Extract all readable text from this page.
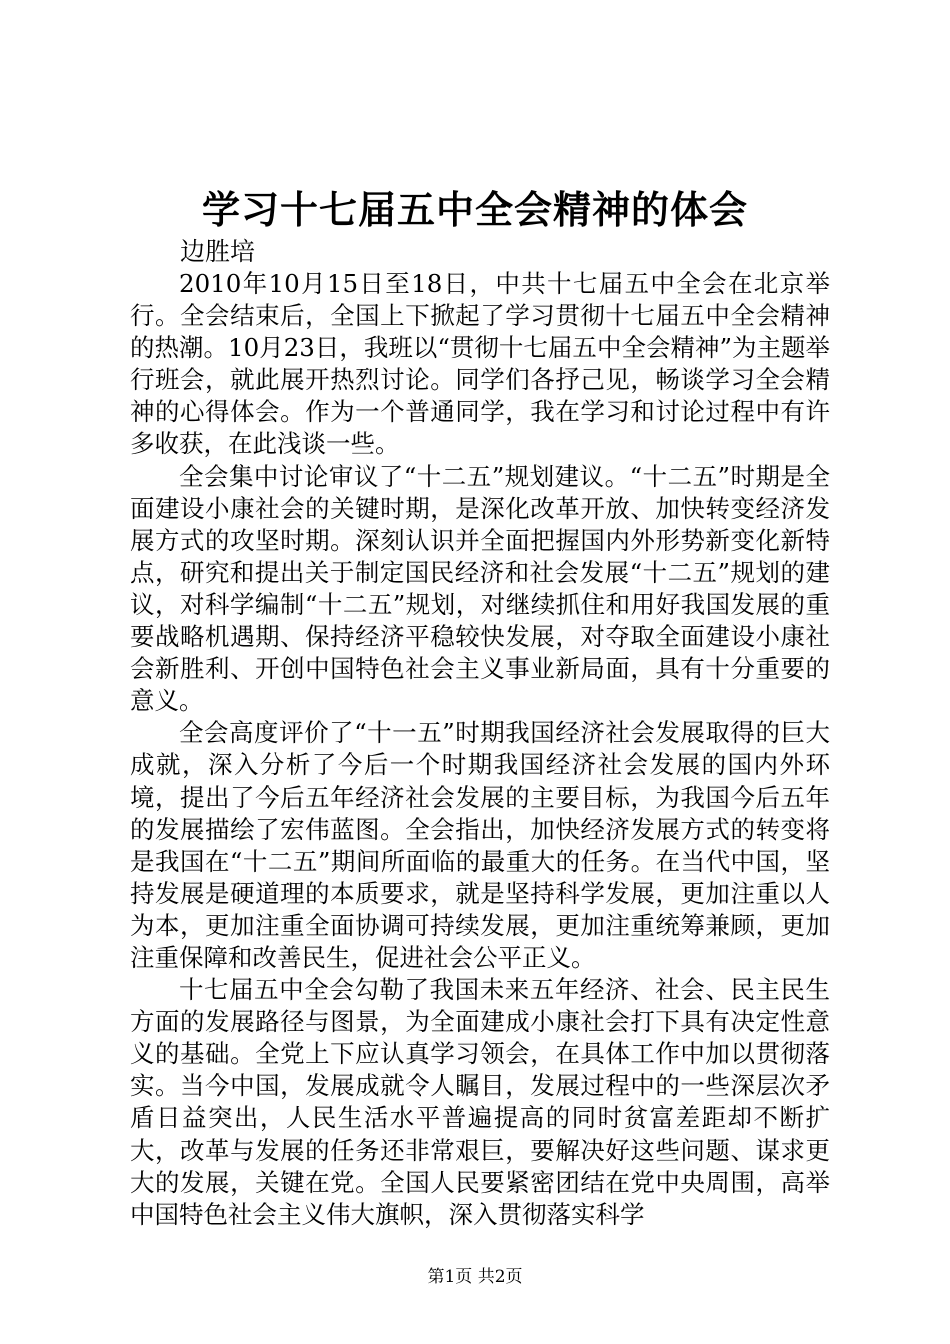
学习十七届五中全会精神的体会
边胜培

2010年10月15日至18日，中共十七届五中全会在北京举行。全会结束后，全国上下掀起了学习贯彻十七届五中全会精神的热潮。10月23日，我班以“贯彻十七届五中全会精神”为主题举行班会，就此展开热烈讨论。同学们各抒己见，畅谈学习全会精神的心得体会。作为一个普通同学，我在学习和讨论过程中有许多收获，在此浅谈一些。

全会集中讨论审议了“十二五”规划建议。“十二五”时期是全面建设小康社会的关键时期，是深化改革开放、加快转变经济发展方式的攻坚时期。深刻认识并全面把握国内外形势新变化新特点，研究和提出关于制定国民经济和社会发展“十二五”规划的建议，对科学编制“十二五”规划，对继续抓住和用好我国发展的重要战略机遇期、保持经济平稳较快发展，对夺取全面建设小康社会新胜利、开创中国特色社会主义事业新局面，具有十分重要的意义。

全会高度评价了“十一五”时期我国经济社会发展取得的巨大成就，深入分析了今后一个时期我国经济社会发展的国内外环境，提出了今后五年经济社会发展的主要目标，为我国今后五年的发展描绘了宏伟蓝图。全会指出，加快经济发展方式的转变将是我国在“十二五”期间所面临的最重大的任务。在当代中国，坚持发展是硬道理的本质要求，就是坚持科学发展，更加注重以人为本，更加注重全面协调可持续发展，更加注重统筹兼顾，更加注重保障和改善民生，促进社会公平正义。

十七届五中全会勾勒了我国未来五年经济、社会、民主民生方面的发展路径与图景，为全面建成小康社会打下具有决定性意义的基础。全党上下应认真学习领会，在具体工作中加以贯彻落实。当今中国，发展成就令人瞩目，发展过程中的一些深层次矛盾日益突出，人民生活水平普遍提高的同时贫富差距却不断扩大，改革与发展的任务还非常艰巨，要解决好这些问题、谋求更大的发展，关键在党。全国人民要紧密团结在党中央周围，高举中国特色社会主义伟大旗帜，深入贯彻落实科学

第1页 共2页
